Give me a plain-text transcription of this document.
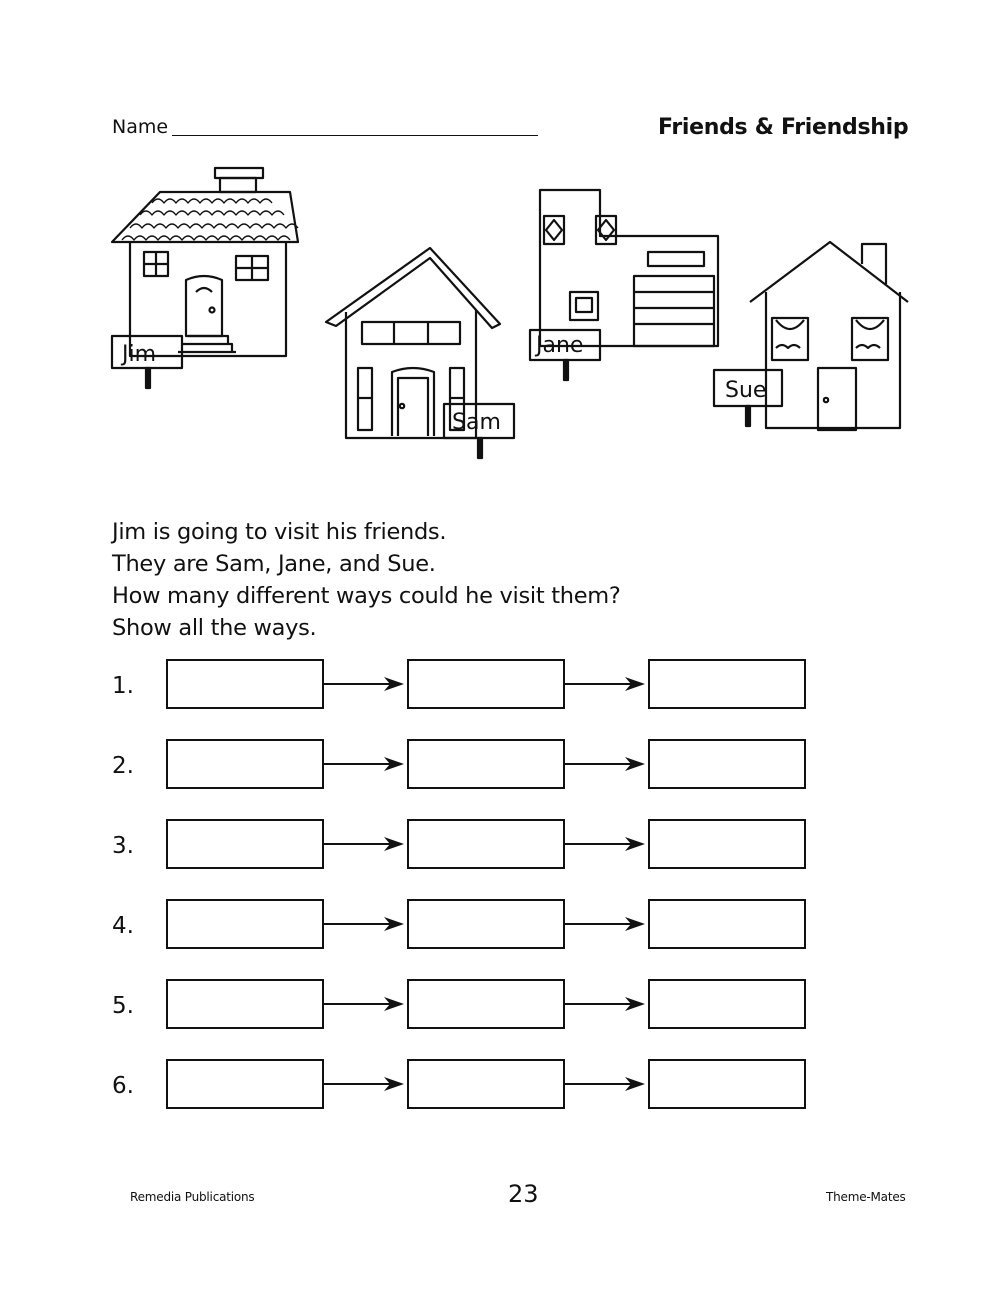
Name	Friends & Friendship
Jim
Sam
Jane
Sue
Jim is going to visit his friends.
They are Sam, Jane, and Sue.
How many different ways could he visit them?
Show all the ways.
1.
2.
3.
4.
5.
6.
Remedia Publications	23	Theme-Mates
